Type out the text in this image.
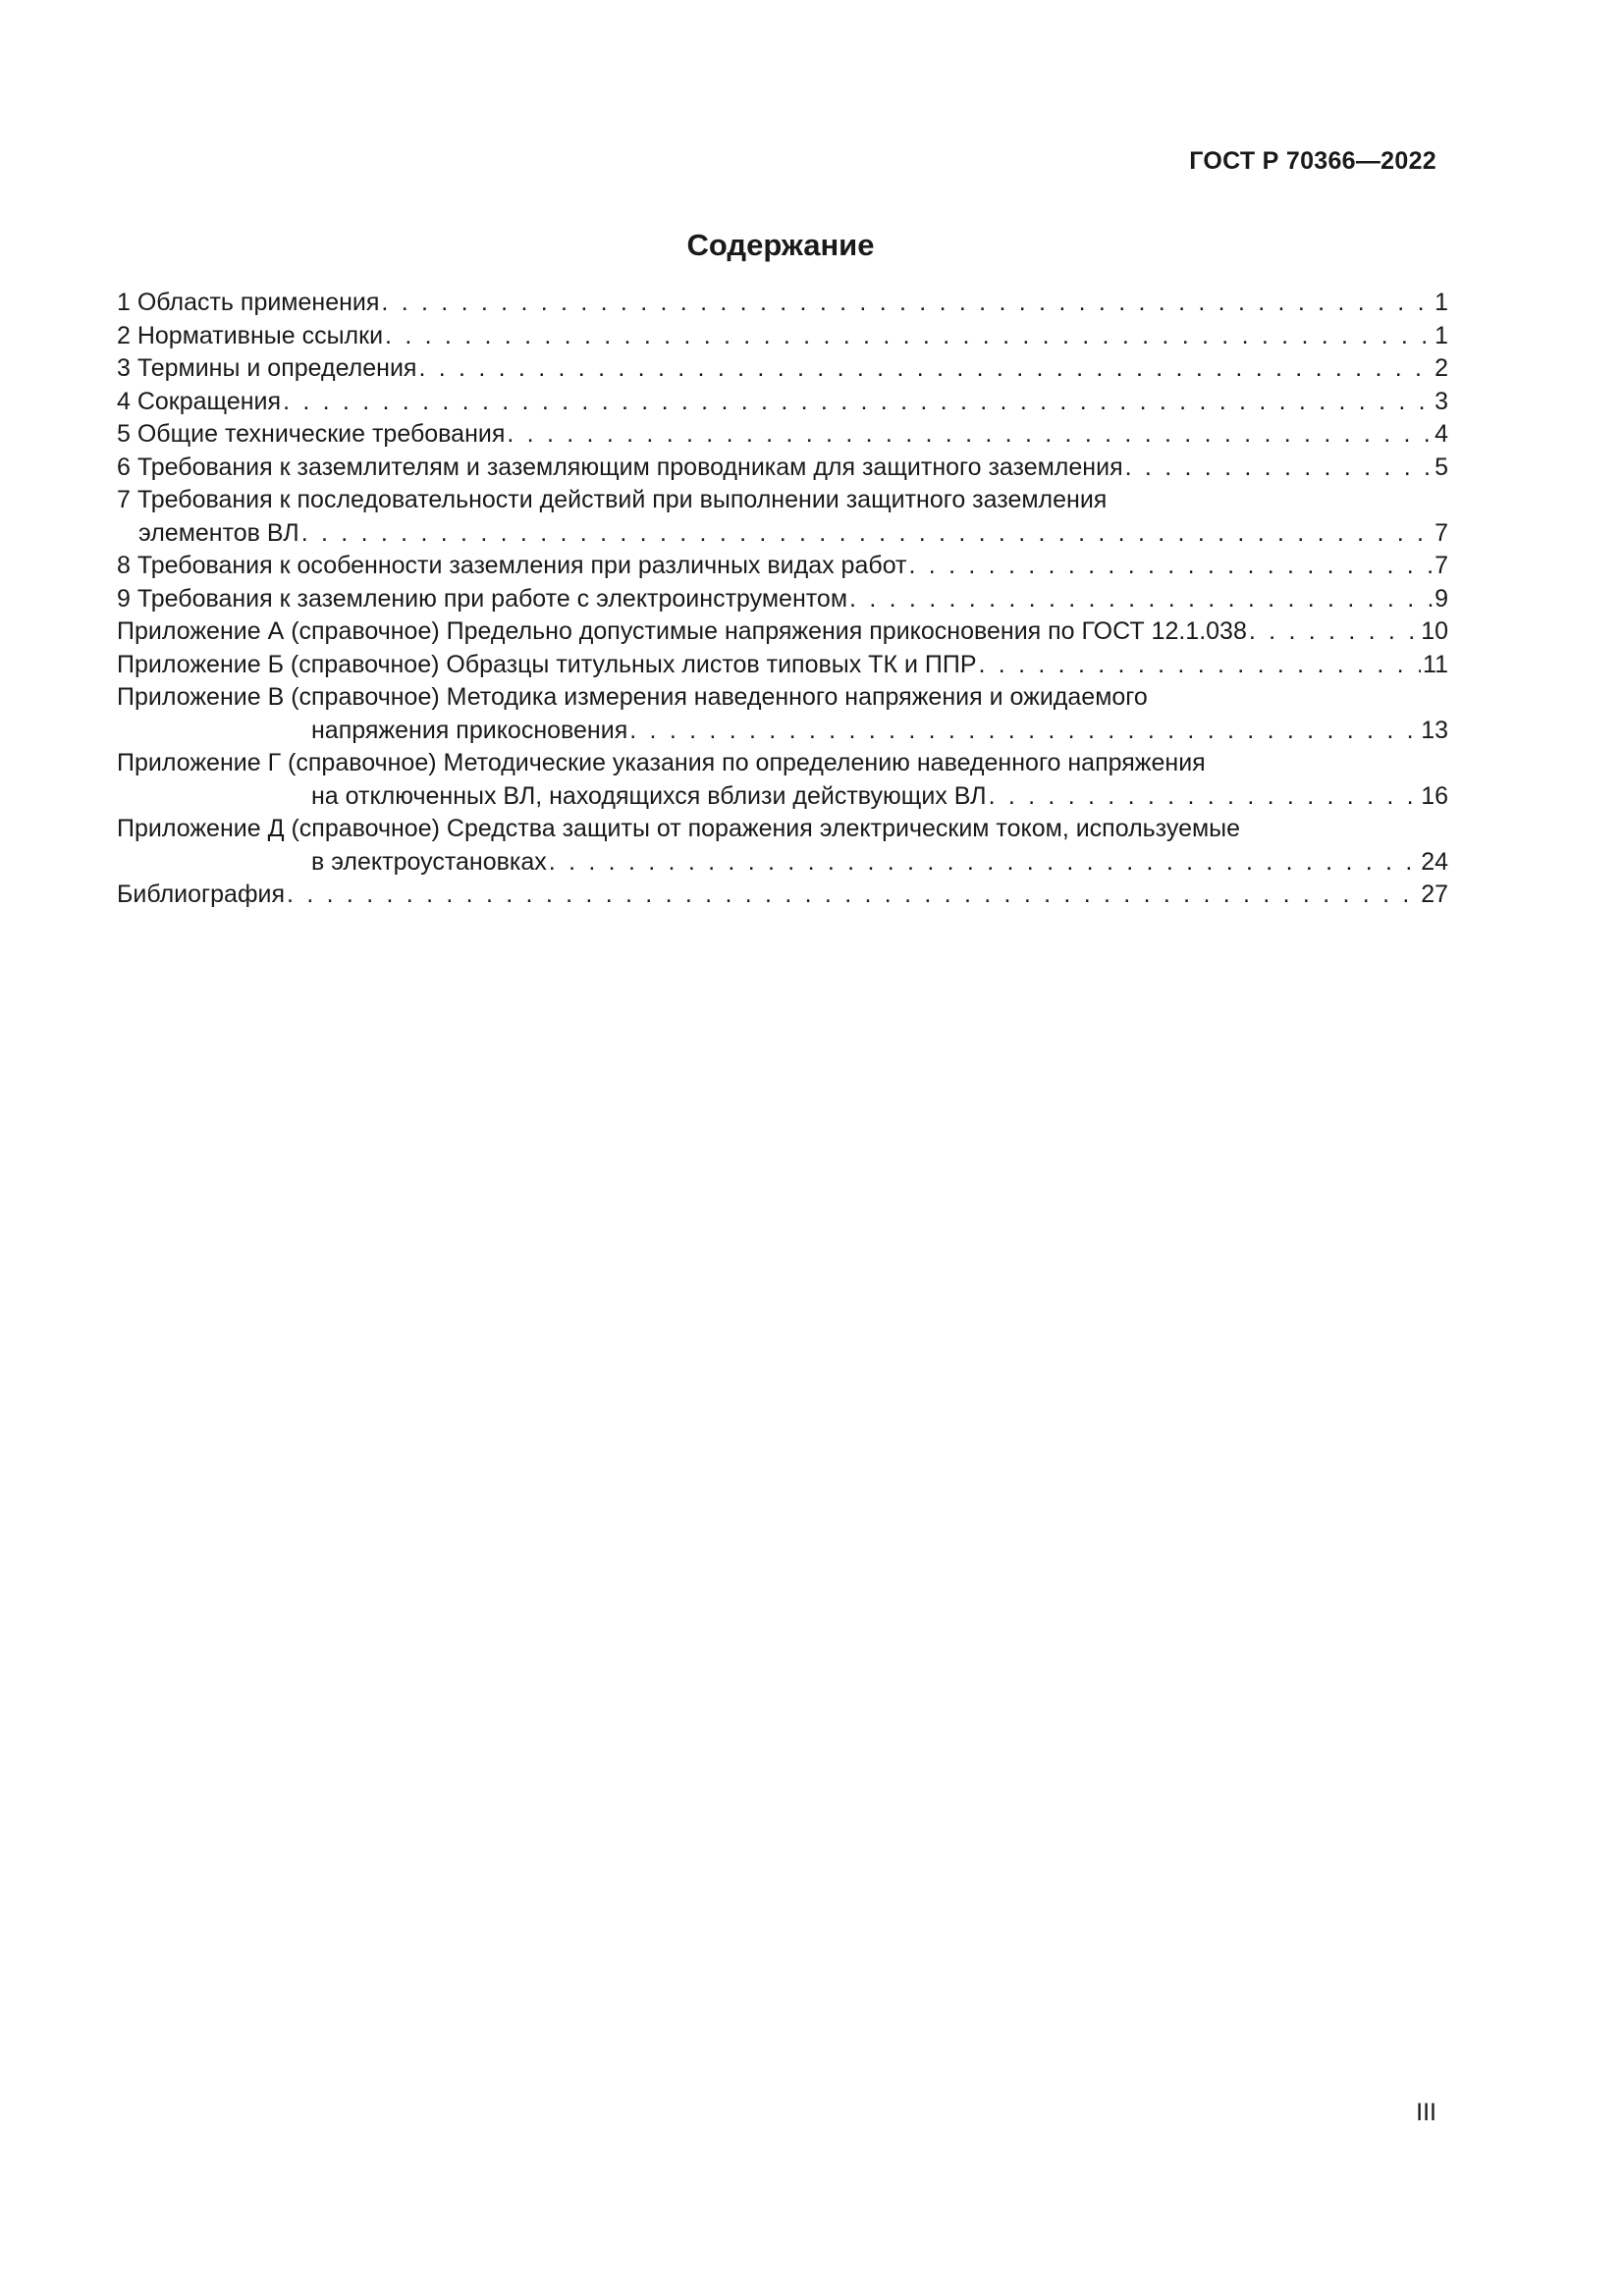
ГОСТ Р 70366—2022
Содержание
1 Область применения . . .	1
2 Нормативные ссылки . . .	1
3 Термины и определения . . .	2
4 Сокращения . . .	3
5 Общие технические требования . . .	4
6 Требования к заземлителям и заземляющим проводникам для защитного заземления . . .	5
7 Требования к последовательности действий при выполнении защитного заземления
элементов ВЛ . . .	7
8 Требования к особенности заземления при различных видах работ . . .	7
9 Требования к заземлению при работе с электроинструментом . . .	9
Приложение А (справочное) Предельно допустимые напряжения прикосновения по ГОСТ 12.1.038 . . .	10
Приложение Б (справочное) Образцы титульных листов типовых ТК и ППР . . .	11
Приложение В (справочное) Методика измерения наведенного напряжения и ожидаемого
напряжения прикосновения . . .	13
Приложение Г (справочное) Методические указания по определению наведенного напряжения
на отключенных ВЛ, находящихся вблизи действующих ВЛ . . .	16
Приложение Д (справочное) Средства защиты от поражения электрическим током, используемые
в электроустановках . . .	24
Библиография . . .	27
III
